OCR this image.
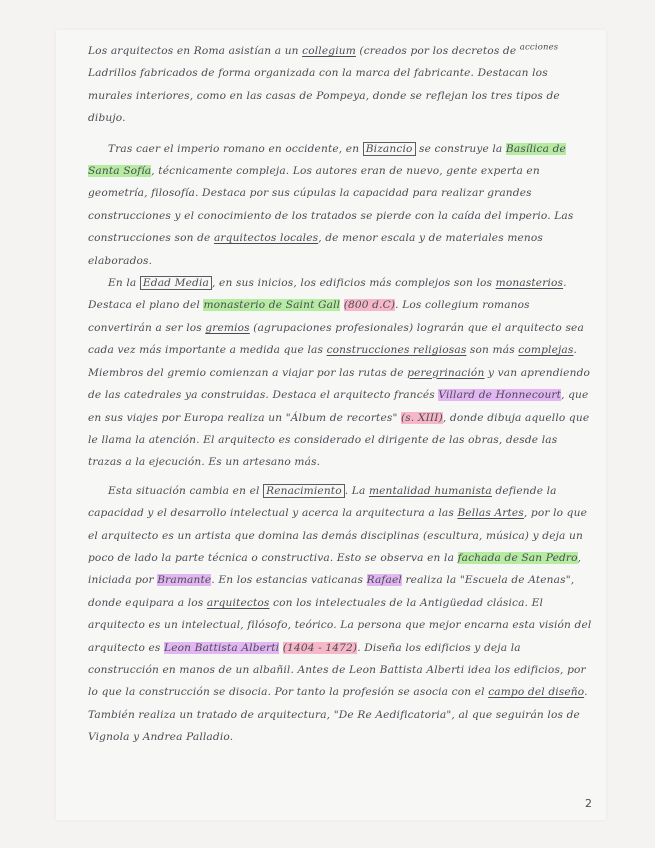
Los arquitectos en Roma asistían a un collegium (creados por los decretos de $^{acciones}$
Ladrillos fabricados de forma organizada con la marca del fabricante. Destacan los murales interiores, como en las casas de Pompeya, donde se reflejan los tres tipos de dibujo.

Tras caer el imperio romano en occidente, en Bizancio se construye la Basílica de Santa Sofía, técnicamente compleja. Los autores eran de nuevo, gente experta en geometría, filosofía. Destaca por sus cúpulas la capacidad para realizar grandes construcciones y el conocimiento de los tratados se pierde con la caída del imperio. Las construcciones son de arquitectos locales, de menor escala y de materiales menos elaborados.

En la Edad Media , en sus inicios, los edificios más complejos son los monasterios. Destaca el plano del monasterio de Saint Gall (800 d.C). Los collegium romanos convertirán a ser los gremios (agrupaciones profesionales) lograrán que el arquitecto sea cada vez más importante a medida que las construcciones religiosas son más complejas. Miembros del gremio comienzan a viajar por las rutas de peregrinación y van aprendiendo de las catedrales ya construidas. Destaca el arquitecto francés Villard de Honnecourt, que en sus viajes por Europa realiza un "Álbum de recortes" (s. XIII), donde dibuja aquello que le llama la atención. El arquitecto es considerado el dirigente de las obras, desde las trazas a la ejecución. Es un artesano más.

Esta situación cambia en el Renacimiento . La mentalidad humanista defiende la capacidad y el desarrollo intelectual y acerca la arquitectura a las Bellas Artes, por lo que el arquitecto es un artista que domina las demás disciplinas (escultura, música) y deja un poco de lado la parte técnica o constructiva. Esto se observa en la fachada de San Pedro, iniciada por Bramante. En los estancias vaticanas Rafael realiza la "Escuela de Atenas", donde equipara a los arquitectos con los intelectuales de la Antigüedad clásica. El arquitecto es un intelectual, filósofo, teórico. La persona que mejor encarna esta visión del arquitecto es Leon Battista Alberti (1404 - 1472). Diseña los edificios y deja la construcción en manos de un albañil. Antes de Leon Battista Alberti idea los edificios, por lo que la construcción se disocia. Por tanto la profesión se asocia con el campo del diseño. También realiza un tratado de arquitectura, "De Re Aedificatoria", al que seguirán los de Vignola y Andrea Palladio.

2
